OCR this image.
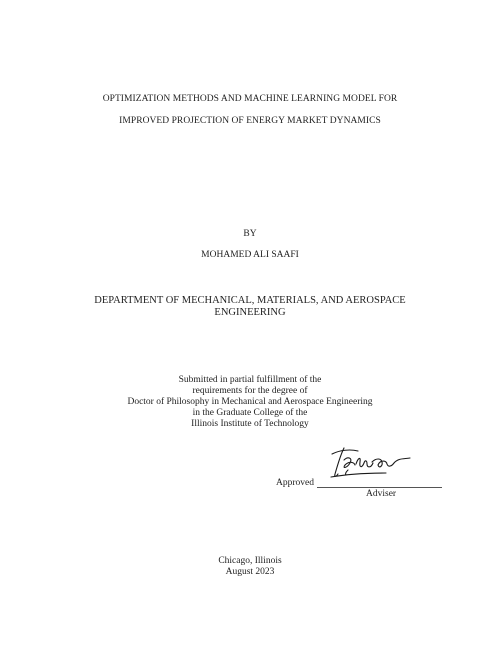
OPTIMIZATION METHODS AND MACHINE LEARNING MODEL FOR
IMPROVED PROJECTION OF ENERGY MARKET DYNAMICS
BY
MOHAMED ALI SAAFI
DEPARTMENT OF MECHANICAL, MATERIALS, AND AEROSPACE
ENGINEERING
Submitted in partial fulfillment of the
requirements for the degree of
Doctor of Philosophy in Mechanical and Aerospace Engineering
in the Graduate College of the
Illinois Institute of Technology
Approved
Adviser
Chicago, Illinois
August 2023
